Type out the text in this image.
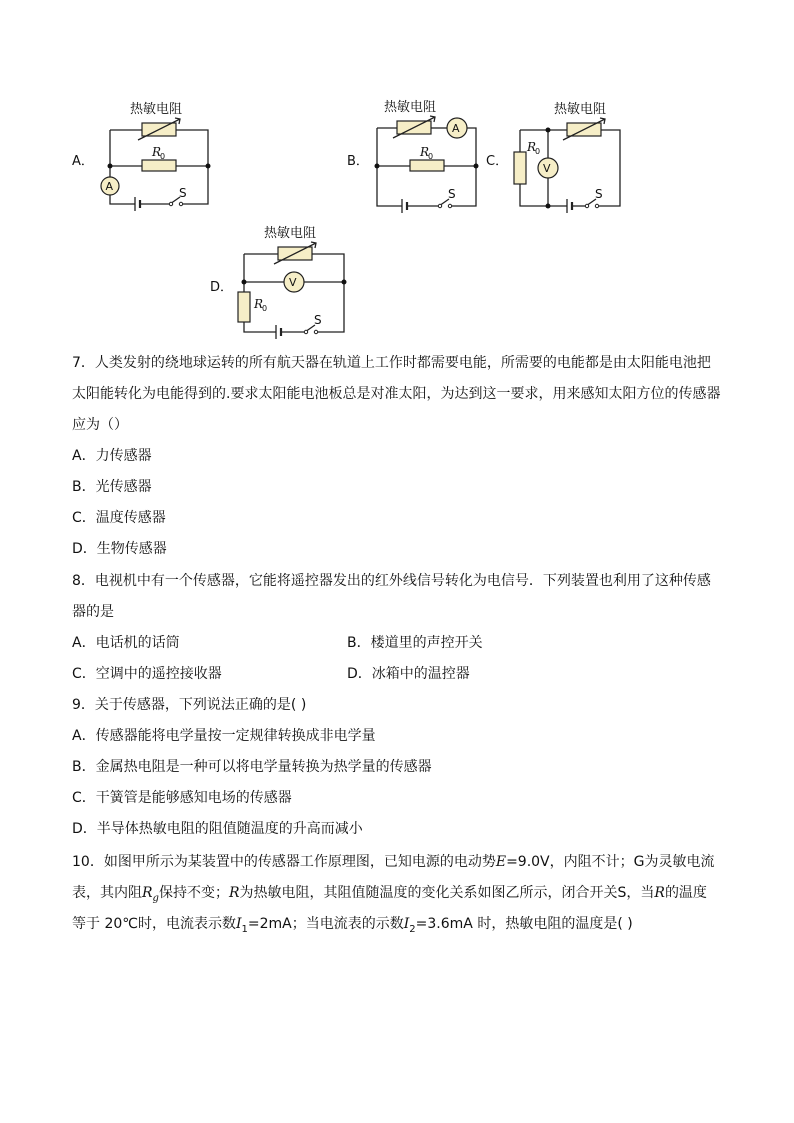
A．
热敏电阻
R
0
A	S
B．
热敏电阻
A
R
0
S
C．
热敏电阻
V
R
0
S
D．
热敏电阻
V
R
0
S
7．人类发射的绕地球运转的所有航天器在轨道上工作时都需要电能，所需要的电能都是由太阳能电池把
太阳能转化为电能得到的.要求太阳能电池板总是对准太阳，为达到这一要求，用来感知太阳方位的传感器
应为（）
A．力传感器
B．光传感器
C．温度传感器
D．生物传感器
8．电视机中有一个传感器，它能将遥控器发出的红外线信号转化为电信号．下列装置也利用了这种传感
器的是
A．电话机的话筒	B．楼道里的声控开关
C．空调中的遥控接收器	D．冰箱中的温控器
9．关于传感器，下列说法正确的是( )
A．传感器能将电学量按一定规律转换成非电学量
B．金属热电阻是一种可以将电学量转换为热学量的传感器
C．干簧管是能够感知电场的传感器
D．半导体热敏电阻的阻值随温度的升高而减小
10．如图甲所示为某装置中的传感器工作原理图，已知电源的电动势E=9.0V，内阻不计；G为灵敏电流
表，其内阻$R_g$保持不变；R为热敏电阻，其阻值随温度的变化关系如图乙所示，闭合开关S，当R的温度
等于 20℃时，电流表示数$I_1=2mA$；当电流表的示数$I_2=3.6mA$ 时，热敏电阻的温度是( )
